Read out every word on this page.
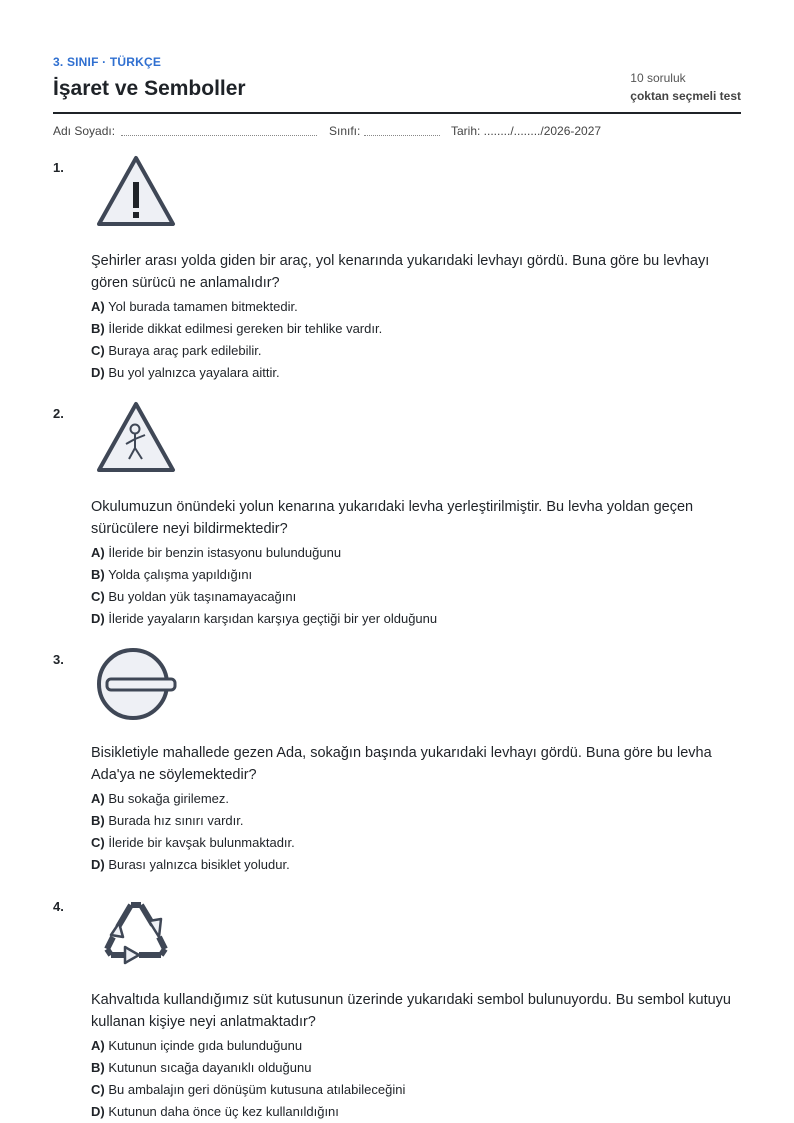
3. SINIF · TÜRKÇE
İşaret ve Semboller	10 soruluk
çoktan seçmeli test
Adı Soyadı:	Sınıfı:	Tarih: ......../......../2026-2027
1.
Şehirler arası yolda giden bir araç, yol kenarında yukarıdaki levhayı gördü. Buna göre bu levhayı gören sürücü ne anlamalıdır?
A) Yol burada tamamen bitmektedir.
B) İleride dikkat edilmesi gereken bir tehlike vardır.
C) Buraya araç park edilebilir.
D) Bu yol yalnızca yayalara aittir.
2.
Okulumuzun önündeki yolun kenarına yukarıdaki levha yerleştirilmiştir. Bu levha yoldan geçen sürücülere neyi bildirmektedir?
A) İleride bir benzin istasyonu bulunduğunu
B) Yolda çalışma yapıldığını
C) Bu yoldan yük taşınamayacağını
D) İleride yayaların karşıdan karşıya geçtiği bir yer olduğunu
3.
Bisikletiyle mahallede gezen Ada, sokağın başında yukarıdaki levhayı gördü. Buna göre bu levha Ada'ya ne söylemektedir?
A) Bu sokağa girilemez.
B) Burada hız sınırı vardır.
C) İleride bir kavşak bulunmaktadır.
D) Burası yalnızca bisiklet yoludur.
4.
Kahvaltıda kullandığımız süt kutusunun üzerinde yukarıdaki sembol bulunuyordu. Bu sembol kutuyu kullanan kişiye neyi anlatmaktadır?
A) Kutunun içinde gıda bulunduğunu
B) Kutunun sıcağa dayanıklı olduğunu
C) Bu ambalajın geri dönüşüm kutusuna atılabileceğini
D) Kutunun daha önce üç kez kullanıldığını
